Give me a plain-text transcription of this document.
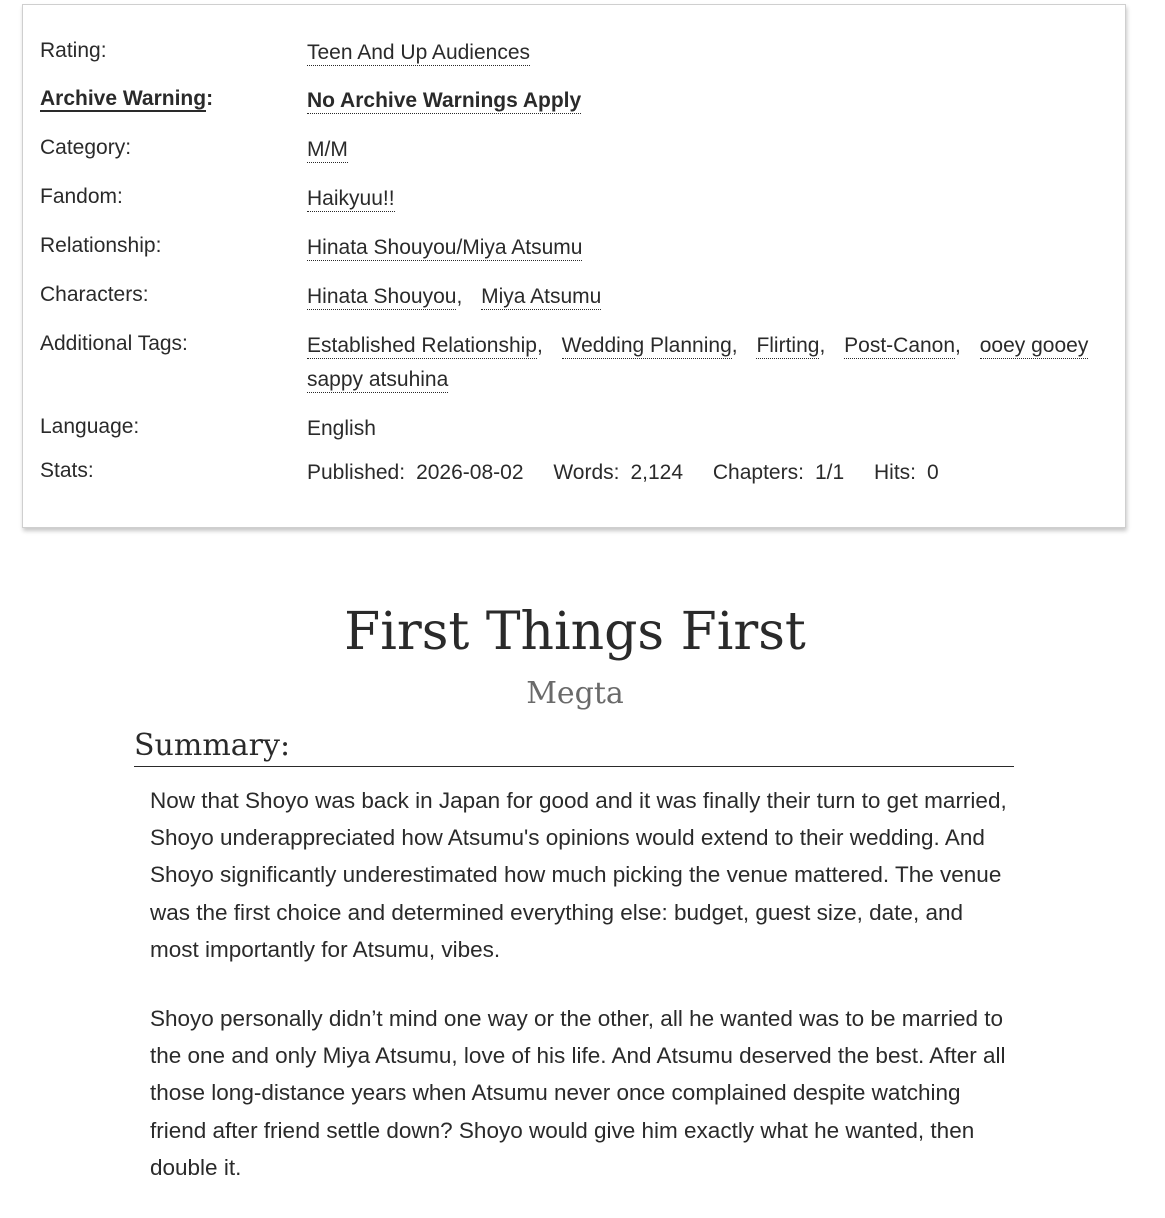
Rating:	Teen And Up Audiences
Archive Warning:	No Archive Warnings Apply
Category:	M/M
Fandom:	Haikyuu!!
Relationship:	Hinata Shouyou/Miya Atsumu
Characters:	Hinata Shouyou, Miya Atsumu
Additional Tags:	Established Relationship, Wedding Planning, Flirting, Post-Canon, ooey gooey sappy atsuhina
Language:	English
Stats:	Published: 2026-08-02 Words: 2,124 Chapters: 1/1 Hits: 0
First Things First
Megta
Summary:

Now that Shoyo was back in Japan for good and it was finally their turn to get married, Shoyo underappreciated how Atsumu's opinions would extend to their wedding. And Shoyo significantly underestimated how much picking the venue mattered. The venue was the first choice and determined everything else: budget, guest size, date, and most importantly for Atsumu, vibes.

Shoyo personally didn’t mind one way or the other, all he wanted was to be married to the one and only Miya Atsumu, love of his life. And Atsumu deserved the best. After all those long-distance years when Atsumu never once complained despite watching friend after friend settle down? Shoyo would give him exactly what he wanted, then double it.
